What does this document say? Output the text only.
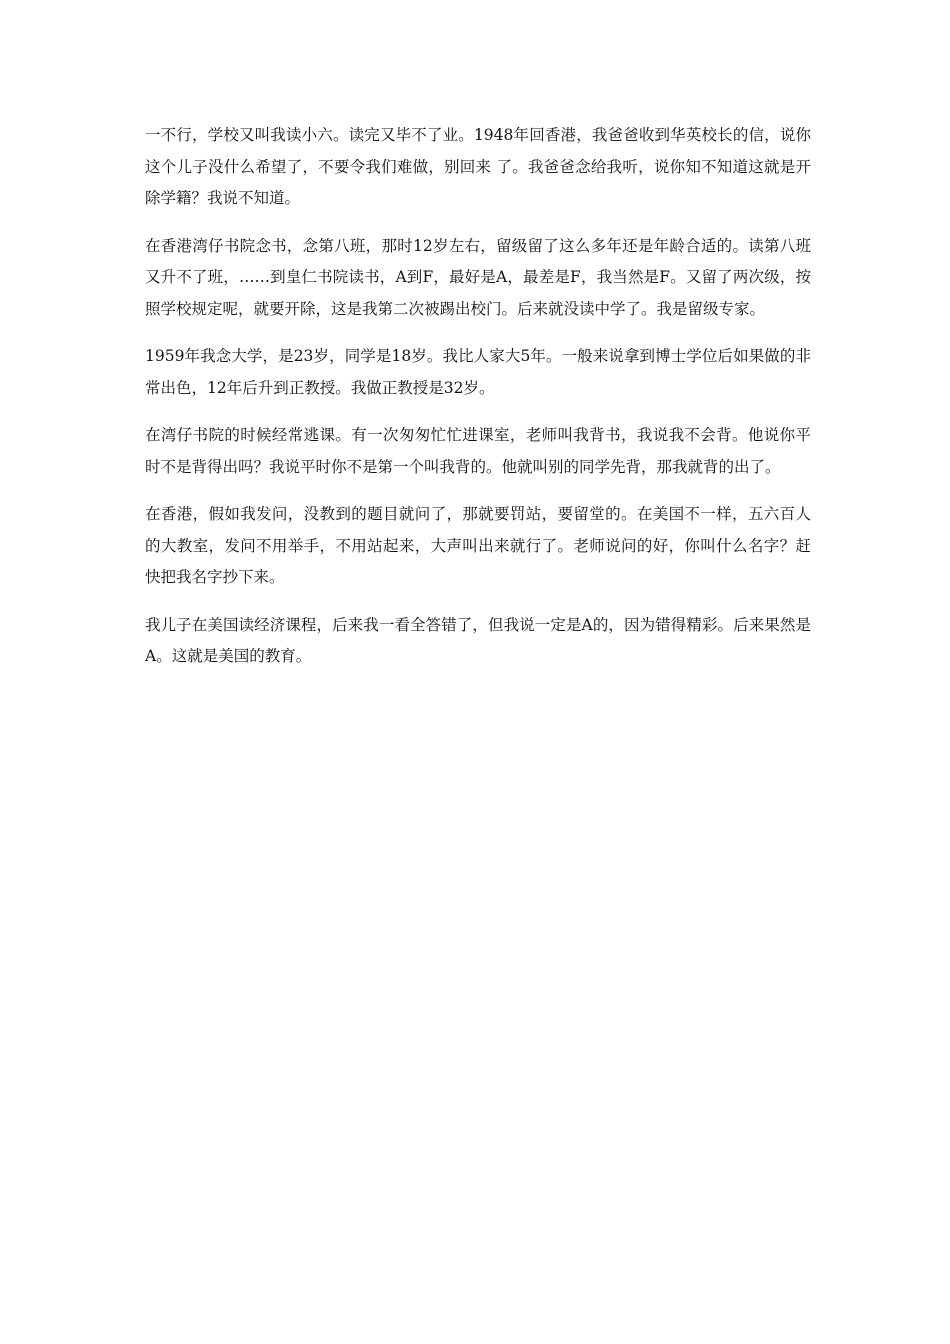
一不行，学校又叫我读小六。读完又毕不了业。1948年回香港，我爸爸收到华英校长的信，说你这个儿子没什么希望了，不要令我们难做，别回来 了。我爸爸念给我听，说你知不知道这就是开除学籍？我说不知道。

在香港湾仔书院念书，念第八班，那时12岁左右，留级留了这么多年还是年龄合适的。读第八班又升不了班，……到皇仁书院读书，A到F，最好是A，最差是F，我当然是F。又留了两次级，按照学校规定呢，就要开除，这是我第二次被踢出校门。后来就没读中学了。我是留级专家。

1959年我念大学，是23岁，同学是18岁。我比人家大5年。一般来说拿到博士学位后如果做的非常出色，12年后升到正教授。我做正教授是32岁。

在湾仔书院的时候经常逃课。有一次匆匆忙忙进课室，老师叫我背书，我说我不会背。他说你平时不是背得出吗？我说平时你不是第一个叫我背的。他就叫别的同学先背，那我就背的出了。

在香港，假如我发问，没教到的题目就问了，那就要罚站，要留堂的。在美国不一样，五六百人的大教室，发问不用举手，不用站起来，大声叫出来就行了。老师说问的好，你叫什么名字？赶快把我名字抄下来。

我儿子在美国读经济课程，后来我一看全答错了，但我说一定是A的，因为错得精彩。后来果然是A。这就是美国的教育。
